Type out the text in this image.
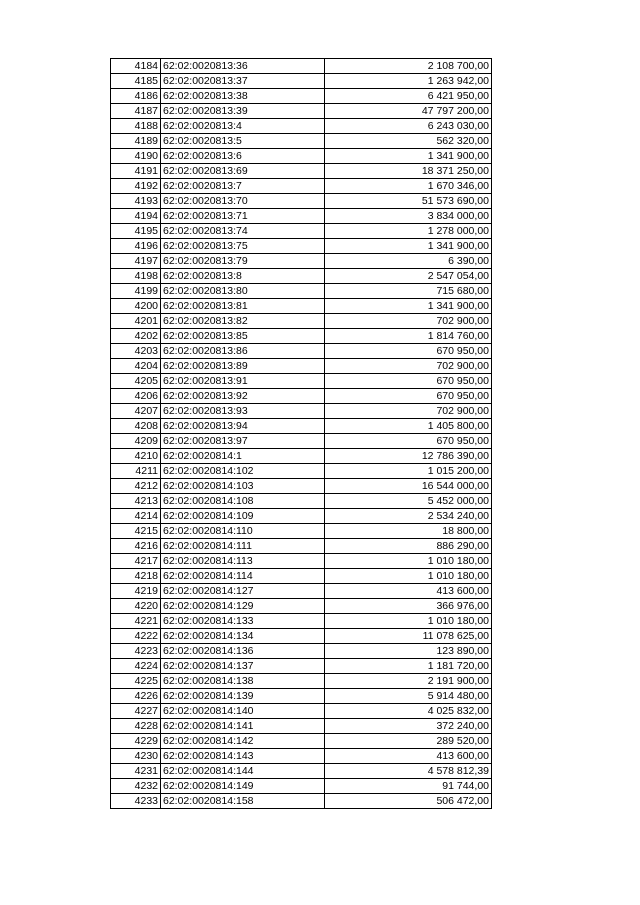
4184	62:02:0020813:36	2 108 700,00
4185	62:02:0020813:37	1 263 942,00
4186	62:02:0020813:38	6 421 950,00
4187	62:02:0020813:39	47 797 200,00
4188	62:02:0020813:4	6 243 030,00
4189	62:02:0020813:5	562 320,00
4190	62:02:0020813:6	1 341 900,00
4191	62:02:0020813:69	18 371 250,00
4192	62:02:0020813:7	1 670 346,00
4193	62:02:0020813:70	51 573 690,00
4194	62:02:0020813:71	3 834 000,00
4195	62:02:0020813:74	1 278 000,00
4196	62:02:0020813:75	1 341 900,00
4197	62:02:0020813:79	6 390,00
4198	62:02:0020813:8	2 547 054,00
4199	62:02:0020813:80	715 680,00
4200	62:02:0020813:81	1 341 900,00
4201	62:02:0020813:82	702 900,00
4202	62:02:0020813:85	1 814 760,00
4203	62:02:0020813:86	670 950,00
4204	62:02:0020813:89	702 900,00
4205	62:02:0020813:91	670 950,00
4206	62:02:0020813:92	670 950,00
4207	62:02:0020813:93	702 900,00
4208	62:02:0020813:94	1 405 800,00
4209	62:02:0020813:97	670 950,00
4210	62:02:0020814:1	12 786 390,00
4211	62:02:0020814:102	1 015 200,00
4212	62:02:0020814:103	16 544 000,00
4213	62:02:0020814:108	5 452 000,00
4214	62:02:0020814:109	2 534 240,00
4215	62:02:0020814:110	18 800,00
4216	62:02:0020814:111	886 290,00
4217	62:02:0020814:113	1 010 180,00
4218	62:02:0020814:114	1 010 180,00
4219	62:02:0020814:127	413 600,00
4220	62:02:0020814:129	366 976,00
4221	62:02:0020814:133	1 010 180,00
4222	62:02:0020814:134	11 078 625,00
4223	62:02:0020814:136	123 890,00
4224	62:02:0020814:137	1 181 720,00
4225	62:02:0020814:138	2 191 900,00
4226	62:02:0020814:139	5 914 480,00
4227	62:02:0020814:140	4 025 832,00
4228	62:02:0020814:141	372 240,00
4229	62:02:0020814:142	289 520,00
4230	62:02:0020814:143	413 600,00
4231	62:02:0020814:144	4 578 812,39
4232	62:02:0020814:149	91 744,00
4233	62:02:0020814:158	506 472,00
